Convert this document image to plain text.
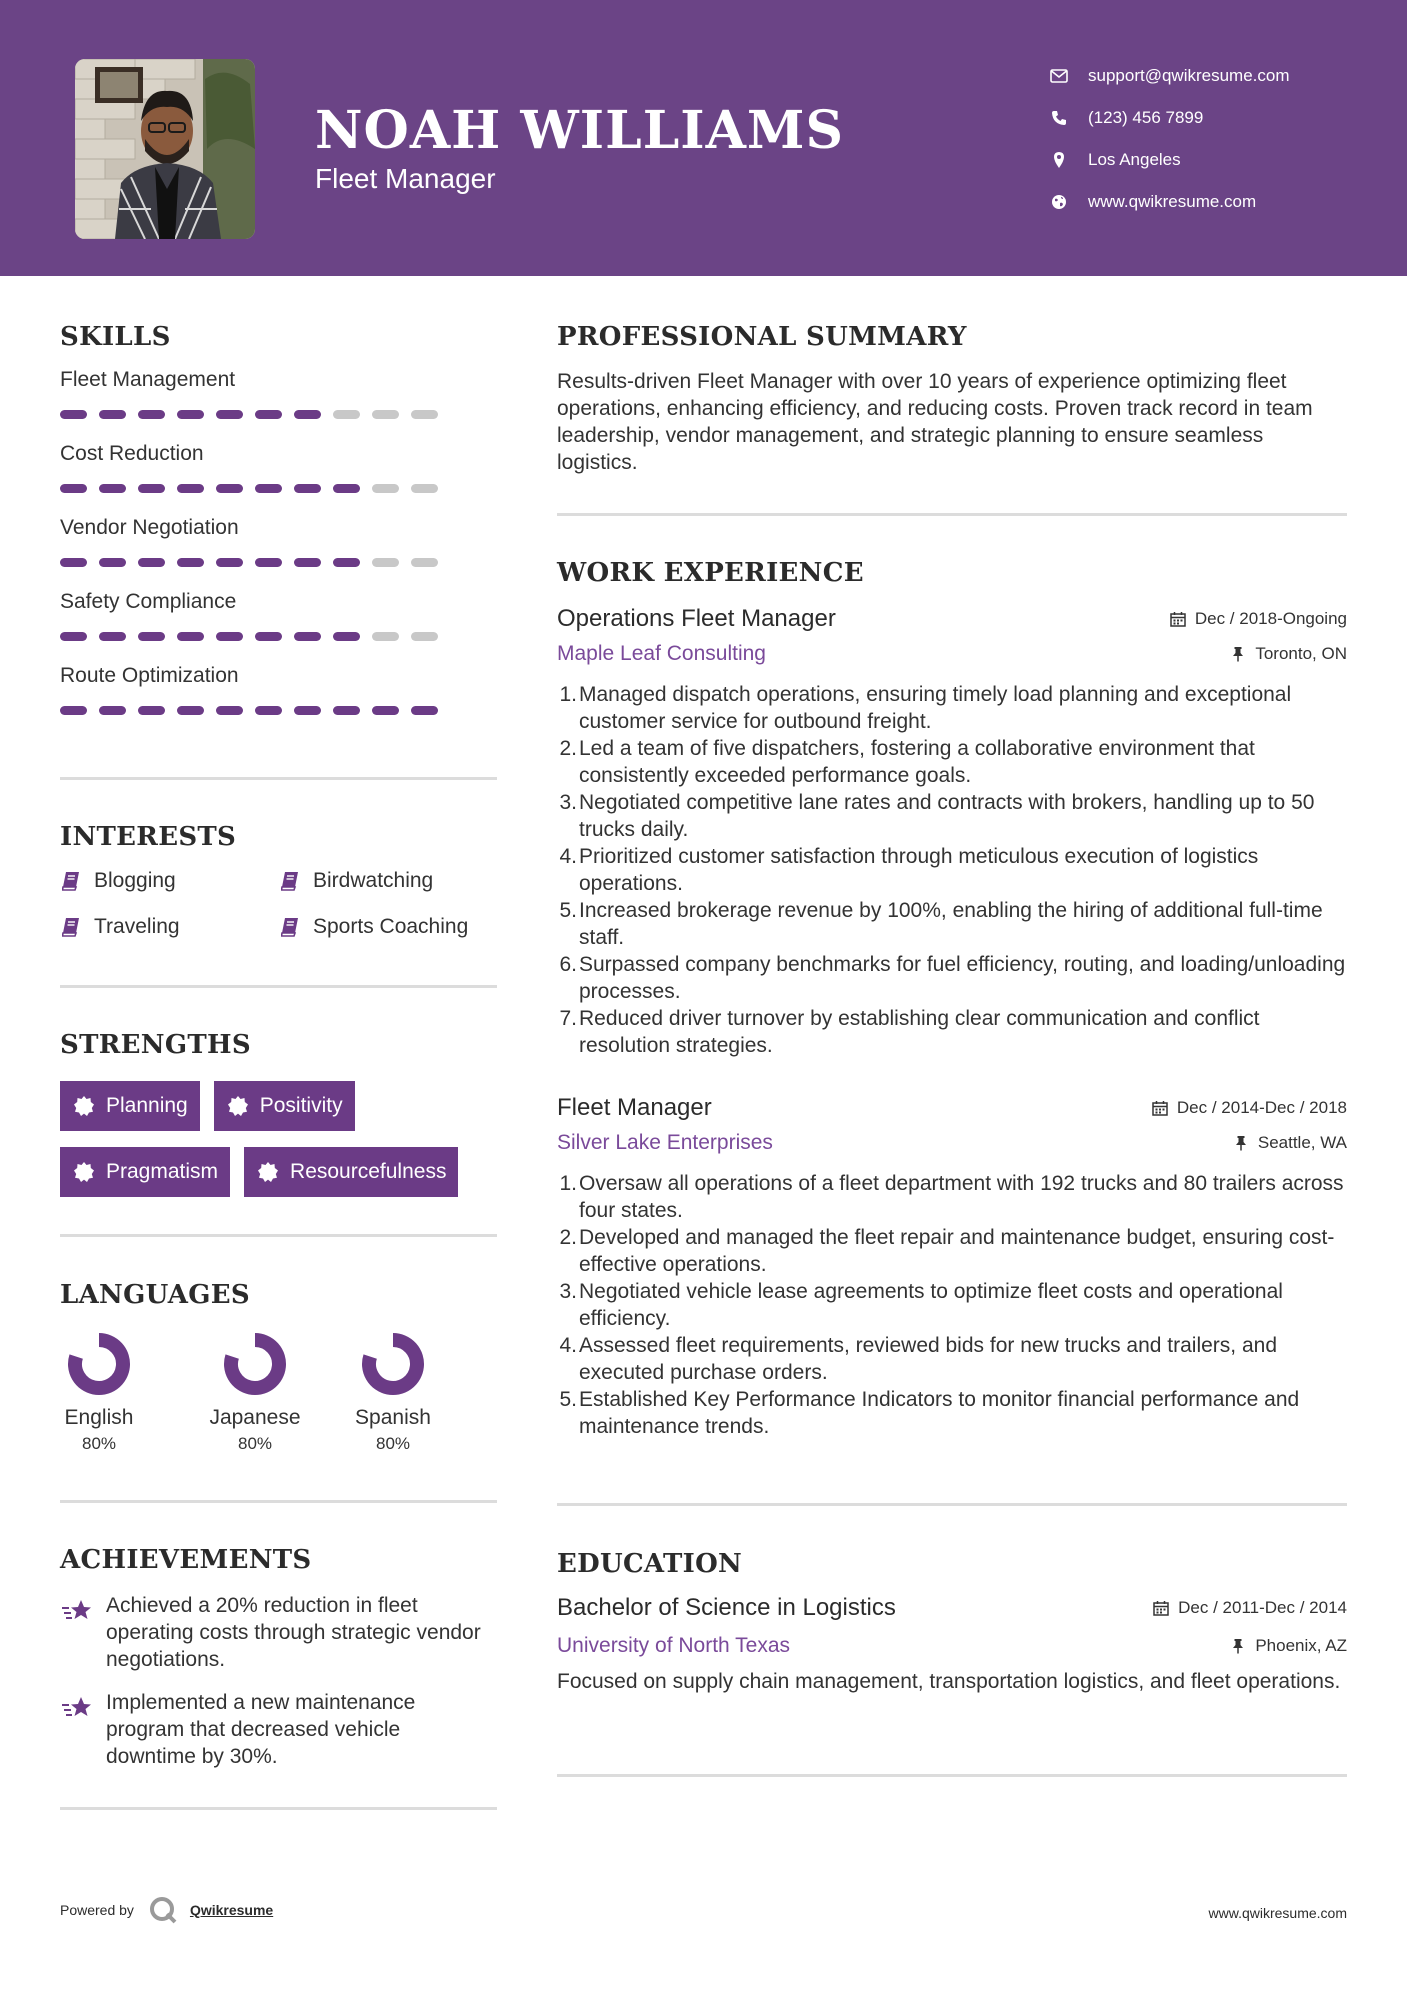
NOAH WILLIAMS
Fleet Manager
support@qwikresume.com
(123) 456 7899
Los Angeles
www.qwikresume.com
SKILLS
Fleet Management
Cost Reduction
Vendor Negotiation
Safety Compliance
Route Optimization
INTERESTS
Blogging	Birdwatching
Traveling	Sports Coaching
STRENGTHS
Planning	Positivity
Pragmatism	Resourcefulness
LANGUAGES
English
80%
Japanese
80%
Spanish
80%
ACHIEVEMENTS
Achieved a 20% reduction in fleet operating costs through strategic vendor negotiations.
Implemented a new maintenance program that decreased vehicle downtime by 30%.
PROFESSIONAL SUMMARY
Results-driven Fleet Manager with over 10 years of experience optimizing fleet operations, enhancing efficiency, and reducing costs. Proven track record in team leadership, vendor management, and strategic planning to ensure seamless logistics.
WORK EXPERIENCE
Operations Fleet Manager	Dec / 2018-Ongoing
Maple Leaf Consulting	Toronto, ON
1. Managed dispatch operations, ensuring timely load planning and exceptional customer service for outbound freight.
2. Led a team of five dispatchers, fostering a collaborative environment that consistently exceeded performance goals.
3. Negotiated competitive lane rates and contracts with brokers, handling up to 50 trucks daily.
4. Prioritized customer satisfaction through meticulous execution of logistics operations.
5. Increased brokerage revenue by 100%, enabling the hiring of additional full-time staff.
6. Surpassed company benchmarks for fuel efficiency, routing, and loading/unloading processes.
7. Reduced driver turnover by establishing clear communication and conflict resolution strategies.
Fleet Manager	Dec / 2014-Dec / 2018
Silver Lake Enterprises	Seattle, WA
1. Oversaw all operations of a fleet department with 192 trucks and 80 trailers across four states.
2. Developed and managed the fleet repair and maintenance budget, ensuring cost-effective operations.
3. Negotiated vehicle lease agreements to optimize fleet costs and operational efficiency.
4. Assessed fleet requirements, reviewed bids for new trucks and trailers, and executed purchase orders.
5. Established Key Performance Indicators to monitor financial performance and maintenance trends.
EDUCATION
Bachelor of Science in Logistics	Dec / 2011-Dec / 2014
University of North Texas	Phoenix, AZ
Focused on supply chain management, transportation logistics, and fleet operations.
Powered by	Qwikresume	www.qwikresume.com
